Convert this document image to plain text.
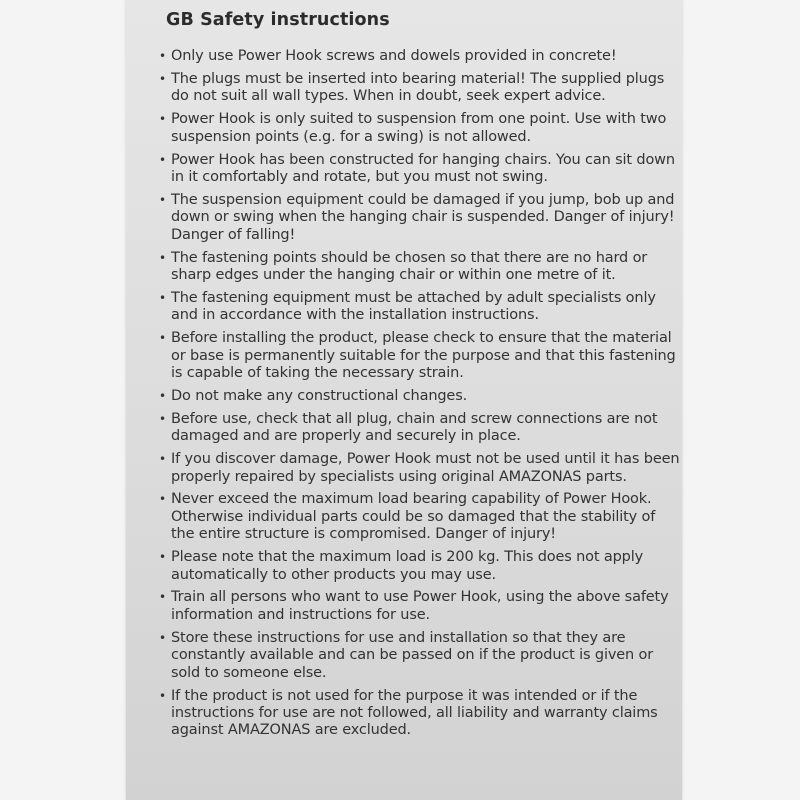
GB Safety instructions
• Only use Power Hook screws and dowels provided in concrete!
• The plugs must be inserted into bearing material! The supplied plugs do not suit all wall types. When in doubt, seek expert advice.
• Power Hook is only suited to suspension from one point. Use with two suspension points (e.g. for a swing) is not allowed.
• Power Hook has been constructed for hanging chairs. You can sit down in it comfortably and rotate, but you must not swing.
• The suspension equipment could be damaged if you jump, bob up and down or swing when the hanging chair is suspended. Danger of injury! Danger of falling!
• The fastening points should be chosen so that there are no hard or sharp edges under the hanging chair or within one metre of it.
• The fastening equipment must be attached by adult specialists only and in accordance with the installation instructions.
• Before installing the product, please check to ensure that the material or base is permanently suitable for the purpose and that this fastening is capable of taking the necessary strain.
• Do not make any constructional changes.
• Before use, check that all plug, chain and screw connections are not damaged and are properly and securely in place.
• If you discover damage, Power Hook must not be used until it has been properly repaired by specialists using original AMAZONAS parts.
• Never exceed the maximum load bearing capability of Power Hook. Otherwise individual parts could be so damaged that the stability of the entire structure is compromised. Danger of injury!
• Please note that the maximum load is 200 kg. This does not apply automatically to other products you may use.
• Train all persons who want to use Power Hook, using the above safety information and instructions for use.
• Store these instructions for use and installation so that they are constantly available and can be passed on if the product is given or sold to someone else.
• If the product is not used for the purpose it was intended or if the instructions for use are not followed, all liability and warranty claims against AMAZONAS are excluded.
